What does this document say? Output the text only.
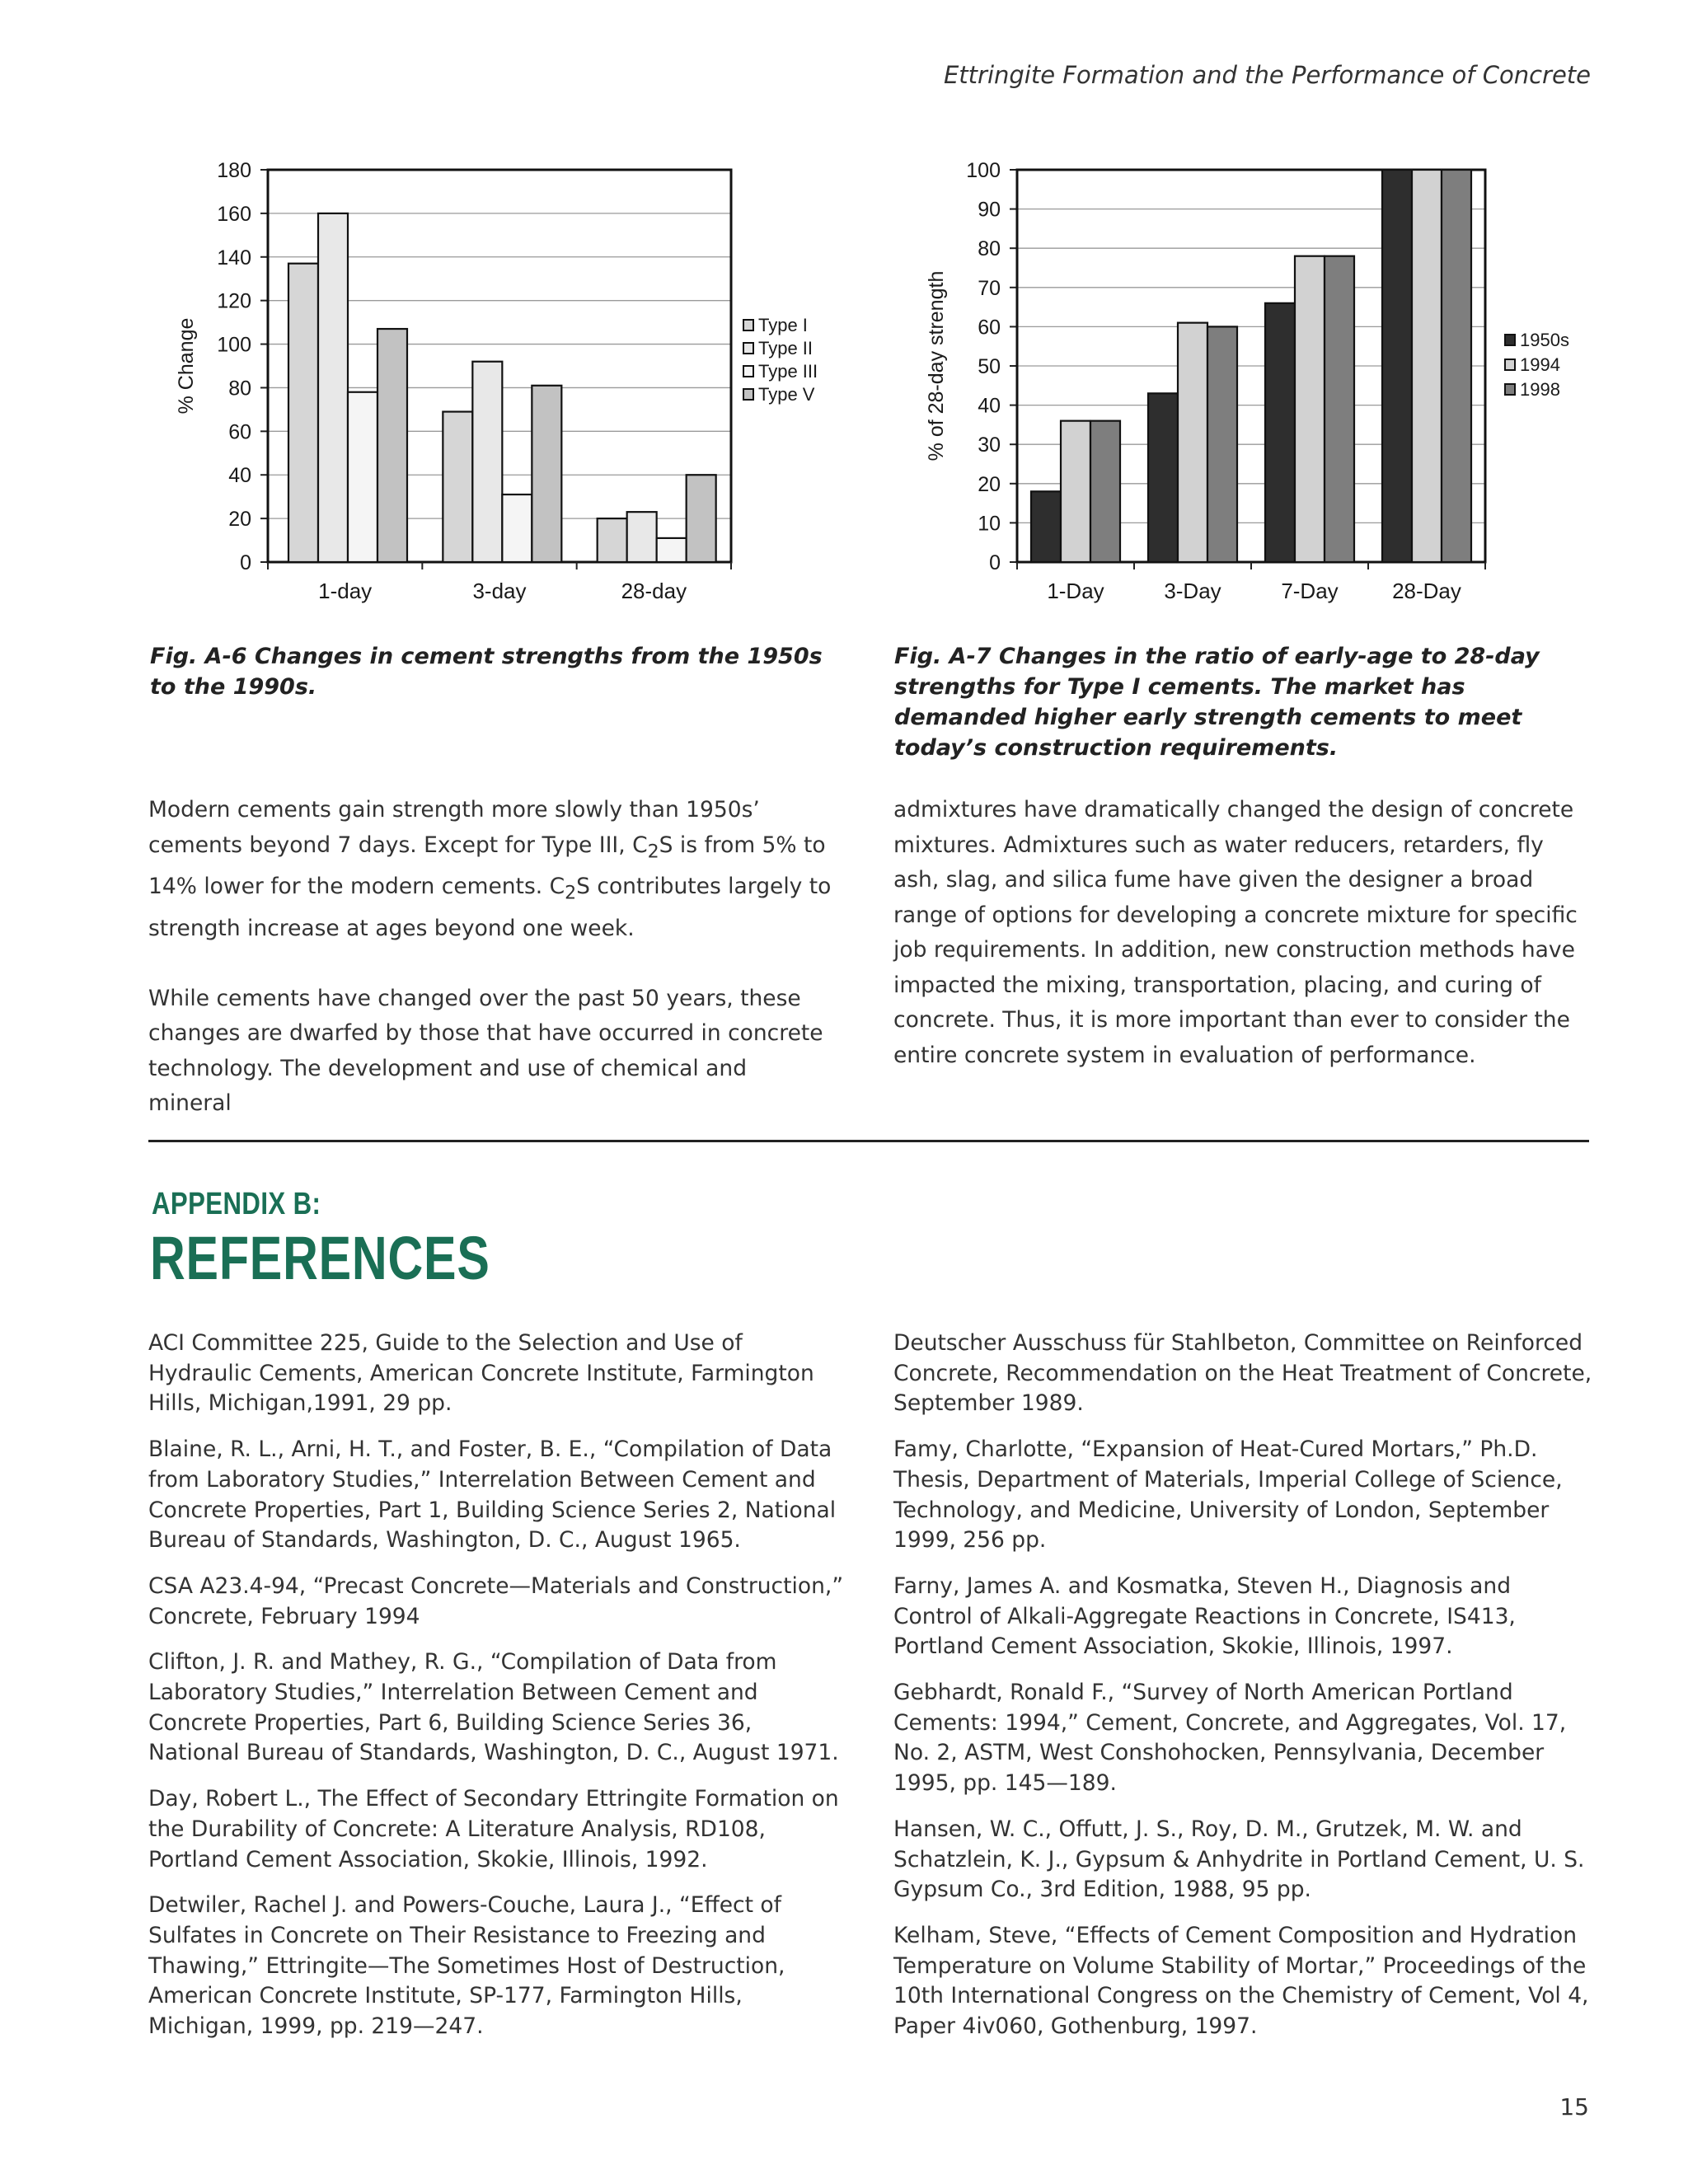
Ettringite Formation and the Performance of Concrete
0
20
40
60
80
100
120
140
160
180
1-day	3-day	28-day
% Change	Type I
Type II
Type III
Type V
0
10
20
30
40
50
60
70
80
90
100
1-Day	3-Day	7-Day	28-Day
% of 28-day strength	1950s
1994
1998
Fig. A-6 Changes in cement strengths from the 1950s to the 1990s.
Fig. A-7 Changes in the ratio of early-age to 28-day strengths for Type I cements. The market has demanded higher early strength cements to meet today’s construction requirements.

Modern cements gain strength more slowly than 1950s’ cements beyond 7 days. Except for Type III, $C_2S$ is from 5% to 14% lower for the modern cements. $C_2S$ contributes largely to strength increase at ages beyond one week.

While cements have changed over the past 50 years, these changes are dwarfed by those that have occurred in concrete technology. The development and use of chemical and mineral

admixtures have dramatically changed the design of concrete mixtures. Admixtures such as water reducers, retarders, fly ash, slag, and silica fume have given the designer a broad range of options for developing a concrete mixture for specific job requirements. In addition, new construction methods have impacted the mixing, transportation, placing, and curing of concrete. Thus, it is more important than ever to consider the entire concrete system in evaluation of performance.

APPENDIX B:
REFERENCES

ACI Committee 225, Guide to the Selection and Use of Hydraulic Cements, American Concrete Institute, Farmington Hills, Michigan,1991, 29 pp.

Blaine, R. L., Arni, H. T., and Foster, B. E., “Compilation of Data from Laboratory Studies,” Interrelation Between Cement and Concrete Properties, Part 1, Building Science Series 2, National Bureau of Standards, Washington, D. C., August 1965.

CSA A23.4-94, “Precast Concrete—Materials and Construction,” Concrete, February 1994

Clifton, J. R. and Mathey, R. G., “Compilation of Data from Laboratory Studies,” Interrelation Between Cement and Concrete Properties, Part 6, Building Science Series 36, National Bureau of Standards, Washington, D. C., August 1971.

Day, Robert L., The Effect of Secondary Ettringite Formation on the Durability of Concrete: A Literature Analysis, RD108, Portland Cement Association, Skokie, Illinois, 1992.

Detwiler, Rachel J. and Powers-Couche, Laura J., “Effect of Sulfates in Concrete on Their Resistance to Freezing and Thawing,” Ettringite—The Sometimes Host of Destruction, American Concrete Institute, SP-177, Farmington Hills, Michigan, 1999, pp. 219—247.

Deutscher Ausschuss für Stahlbeton, Committee on Reinforced Concrete, Recommendation on the Heat Treatment of Concrete, September 1989.

Famy, Charlotte, “Expansion of Heat-Cured Mortars,” Ph.D. Thesis, Department of Materials, Imperial College of Science, Technology, and Medicine, University of London, September 1999, 256 pp.

Farny, James A. and Kosmatka, Steven H., Diagnosis and Control of Alkali-Aggregate Reactions in Concrete, IS413, Portland Cement Association, Skokie, Illinois, 1997.

Gebhardt, Ronald F., “Survey of North American Portland Cements: 1994,” Cement, Concrete, and Aggregates, Vol. 17, No. 2, ASTM, West Conshohocken, Pennsylvania, December 1995, pp. 145—189.

Hansen, W. C., Offutt, J. S., Roy, D. M., Grutzek, M. W. and Schatzlein, K. J., Gypsum & Anhydrite in Portland Cement, U. S. Gypsum Co., 3rd Edition, 1988, 95 pp.

Kelham, Steve, “Effects of Cement Composition and Hydration Temperature on Volume Stability of Mortar,” Proceedings of the 10th International Congress on the Chemistry of Cement, Vol 4, Paper 4iv060, Gothenburg, 1997.

15
